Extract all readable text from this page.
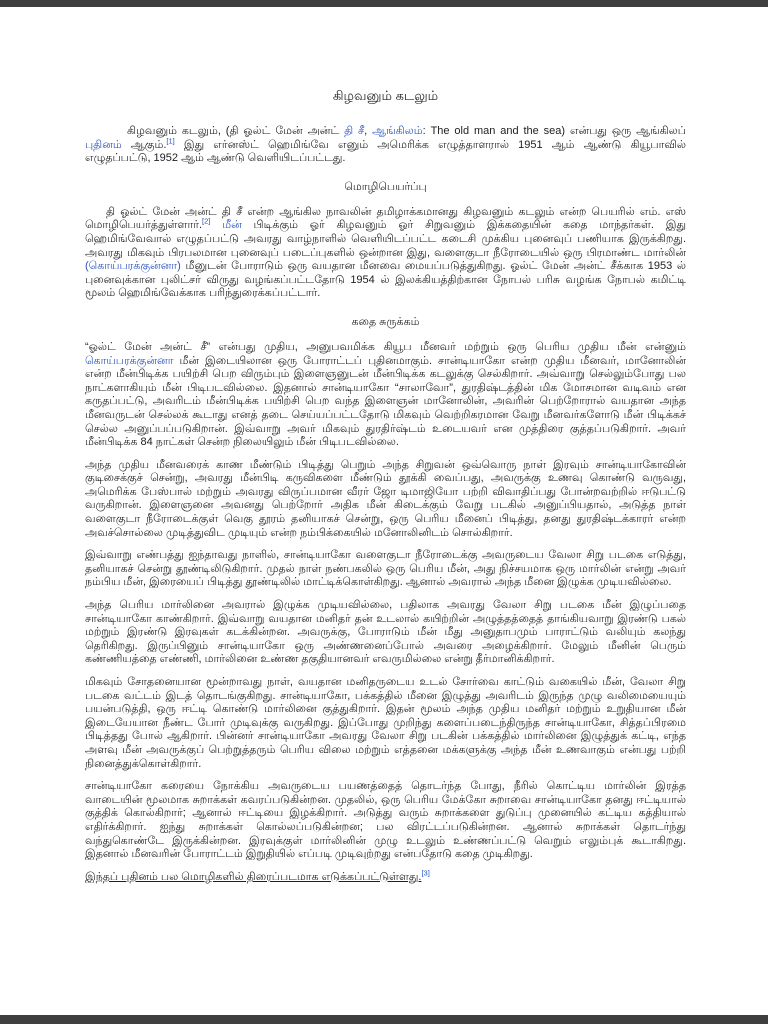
கிழவனும் கடலும்

கிழவனும் கடலும், (தி ஓல்ட் மேன் அன்ட் தி சீ, ஆங்கிலம்: The old man and the sea) என்பது ஒரு ஆங்கிலப் புதினம் ஆகும்.[1] இது எர்னஸ்ட் ஹெமிங்வே எனும் அமெரிக்க எழுத்தாளரால் 1951 ஆம் ஆண்டு கியூபாவில் எழுதப்பட்டு, 1952 ஆம் ஆண்டு வெளியிடப்பட்டது.

மொழிபெயர்ப்பு

தி ஓல்ட் மேன் அன்ட் தி சீ என்ற ஆங்கில நாவலின் தமிழாக்கமானது கிழவனும் கடலும் என்ற பெயரில் எம். எஸ் மொழிபெயர்த்துள்ளார்.[2] மீன் பிடிக்கும் ஓர் கிழவனும் ஓர் சிறுவனும் இக்கதையின் கதை மாந்தர்கள். இது ஹெமிங்வேவால் எழுதப்பட்டு அவரது வாழ்நாளில் வெளியிடப்பட்ட கடைசி முக்கிய புனைவுப் பணியாக இருக்கிறது. அவரது மிகவும் பிரபலமான புனைவுப் படைப்புகளில் ஒன்றான இது, வளைகுடா நீரோடையில் ஒரு பிரமாண்ட மார்லின் (கொய்பரக்குன்னா) மீனுடன் போராடும் ஒரு வயதான மீனவை மையப்படுத்துகிறது. ஓல்ட் மேன் அன்ட் சீக்காக 1953 ல் புனைவுக்கான புலிட்சர் விருது வழங்கப்பட்டதோடு 1954 ல் இலக்கியத்திற்கான நோபல் பரிசு வழங்க நோபல் கமிட்டி மூலம் ஹெமிங்வேக்காக பரிந்துரைக்கப்பட்டார்.

கதை சுருக்கம்

“ஓல்ட் மேன் அன்ட் சீ” என்பது முதிய, அனுபவமிக்க கியூப மீனவர் மற்றும் ஒரு பெரிய முதிய மீன் என்னும் கொய்பரக்குன்னா மீன் இடையிலான ஒரு போராட்டப் புதினமாகும். சான்டியாகோ என்ற முதிய மீனவர், மானோலின் என்ற மீன்பிடிக்க பயிற்சி பெற விரும்பும் இளைஞனுடன் மீன்பிடிக்க கடலுக்கு செல்கிறார். அவ்வாறு செல்லும்போது பல நாட்களாகியும் மீன் பிடிபடவில்லை. இதனால் சான்டியாகோ “சாலாவோ”, துரதிஷ்டத்தின் மிக மோசமான வடிவம் என கருதப்பட்டு, அவரிடம் மீன்பிடிக்க பயிற்சி பெற வந்த இளைஞன் மானோலின், அவரின் பெற்றோரால் வயதான அந்த மீனவருடன் செல்லக் கூடாது எனத் தடை செய்யப்பட்டதோடு மிகவும் வெற்றிகரமான வேறு மீனவர்களோடு மீன் பிடிக்கச் செல்ல அனுப்பப்படுகிறான். இவ்வாறு அவர் மிகவும் துரதிர்ஷ்டம் உடையவர் என முத்திரை குத்தப்படுகிறார். அவர் மீன்பிடிக்க 84 நாட்கள் சென்ற நிலையிலும் மீன் பிடிபடவில்லை.

அந்த முதிய மீனவரைக் காண மீண்டும் பிடித்து பெறும் அந்த சிறுவன் ஒவ்வொரு நாள் இரவும் சான்டியாகோவின் குடிசைக்குச் சென்று, அவரது மீன்பிடி கருவிகளை மீண்டும் தூக்கி வைப்பது, அவருக்கு உணவு கொண்டு வருவது, அமெரிக்க பேஸ்பால் மற்றும் அவரது விருப்பமான வீரர் ஜோ டிமாஜியோ பற்றி விவாதிப்பது போன்றவற்றில் ஈடுபட்டு வருகிறான். இளைஞனை அவனது பெற்றோர் அதிக மீன் கிடைக்கும் வேறு படகில் அனுப்பியதால், அடுத்த நாள் வளைகுடா நீரோடைக்குள் வெகு தூரம் தனியாகச் சென்று, ஒரு பெரிய மீனைப் பிடித்து, தனது துரதிஷ்டக்காரர் என்ற அவச்சொல்லை முடித்துவிட முடியும் என்ற நம்பிக்கையில் மனோலினிடம் சொல்கிறார்.

இவ்வாறு எண்பத்து ஐந்தாவது நாளில், சான்டியாகோ வளைகுடா நீரோடைக்கு அவருடைய வேலா சிறு படகை எடுத்து, தனியாகச் சென்று தூண்டிலிடுகிறார். முதல் நாள் நண்பகலில் ஒரு பெரிய மீன், அது நிச்சயமாக ஒரு மார்லின் என்று அவர் நம்பிய மீன், இரையைப் பிடித்து தூண்டிலில் மாட்டிக்கொள்கிறது. ஆனால் அவரால் அந்த மீனை இழுக்க முடியவில்லை.

அந்த பெரிய மார்லினை அவரால் இழுக்க முடியவில்லை, பதிலாக அவரது வேலா சிறு படகை மீன் இழுப்பதை சான்டியாகோ காண்கிறார். இவ்வாறு வயதான மனிதர் தன் உடலால் கயிற்றின் அழுத்தத்தைத் தாங்கியவாறு இரண்டு பகல் மற்றும் இரண்டு இரவுகள் கடக்கின்றன. அவருக்கு, போராடும் மீன் மீது அனுதாபமும் பாராட்டும் வலியும் கலந்து தெரிகிறது. இருப்பினும் சான்டியாகோ ஒரு அண்ணனைப்போல் அவரை அழைக்கிறார். மேலும் மீனின் பெரும் கண்ணியத்தை எண்ணி, மார்லினை உண்ண தகுதியானவர் எவருமில்லை என்று தீர்மானிக்கிறார்.

மிகவும் சோதனையான மூன்றாவது நாள், வயதான மனிதருடைய உடல் சோர்வை காட்டும் வகையில் மீன், வேலா சிறு படகை வட்டம் இடத் தொடங்குகிறது. சான்டியாகோ, பக்கத்தில் மீனை இழுத்து அவரிடம் இருந்த முழு வலிமையையும் பயன்படுத்தி, ஒரு ஈட்டி கொண்டு மார்லினை குத்துகிறார். இதன் மூலம் அந்த முதிய மனிதர் மற்றும் உறுதியான மீன் இடையேயான நீண்ட போர் முடிவுக்கு வருகிறது. இப்போது முறிந்து களைப்படைந்திருந்த சான்டியாகோ, சித்தப்பிரமை பிடித்தது போல் ஆகிறார். பின்னர் சான்டியாகோ அவரது வேலா சிறு படகின் பக்கத்தில் மார்லினை இழுத்துக் கட்டி, எந்த அளவு மீன் அவருக்குப் பெற்றுத்தரும் பெரிய விலை மற்றும் எத்தனை மக்களுக்கு அந்த மீன் உணவாகும் என்பது பற்றி நினைத்துக்கொள்கிறார்.

சான்டியாகோ கரையை நோக்கிய அவருடைய பயணத்தைத் தொடர்ந்த போது, நீரில் கொட்டிய மார்லின் இரத்த வாடையின் மூலமாக சுறாக்கள் கவரப்படுகின்றன. முதலில், ஒரு பெரிய மேக்கோ சுறாவை சான்டியாகோ தனது ஈட்டியால் குத்திக் கொல்கிறார்; ஆனால் ஈட்டியை இழக்கிறார். அடுத்து வரும் சுறாக்களை துடுப்பு முனையில் கட்டிய கத்தியால் எதிர்க்கிறார். ஐந்து சுறாக்கள் கொல்லப்படுகின்றன; பல விரட்டப்படுகின்றன. ஆனால் சுறாக்கள் தொடர்ந்து வந்துகொண்டே இருக்கின்றன. இரவுக்குள் மார்லினின் முழு உடலும் உண்ணப்பட்டு வெறும் எலும்புக் கூடாகிறது. இதனால் மீனவரின் போராட்டம் இறுதியில் எப்படி முடிவுற்றது என்பதோடு கதை முடிகிறது.

இந்தப் புதினம் பல மொழிகளில் திரைப்படமாக எடுக்கப்பட்டுள்ளது.[3]
